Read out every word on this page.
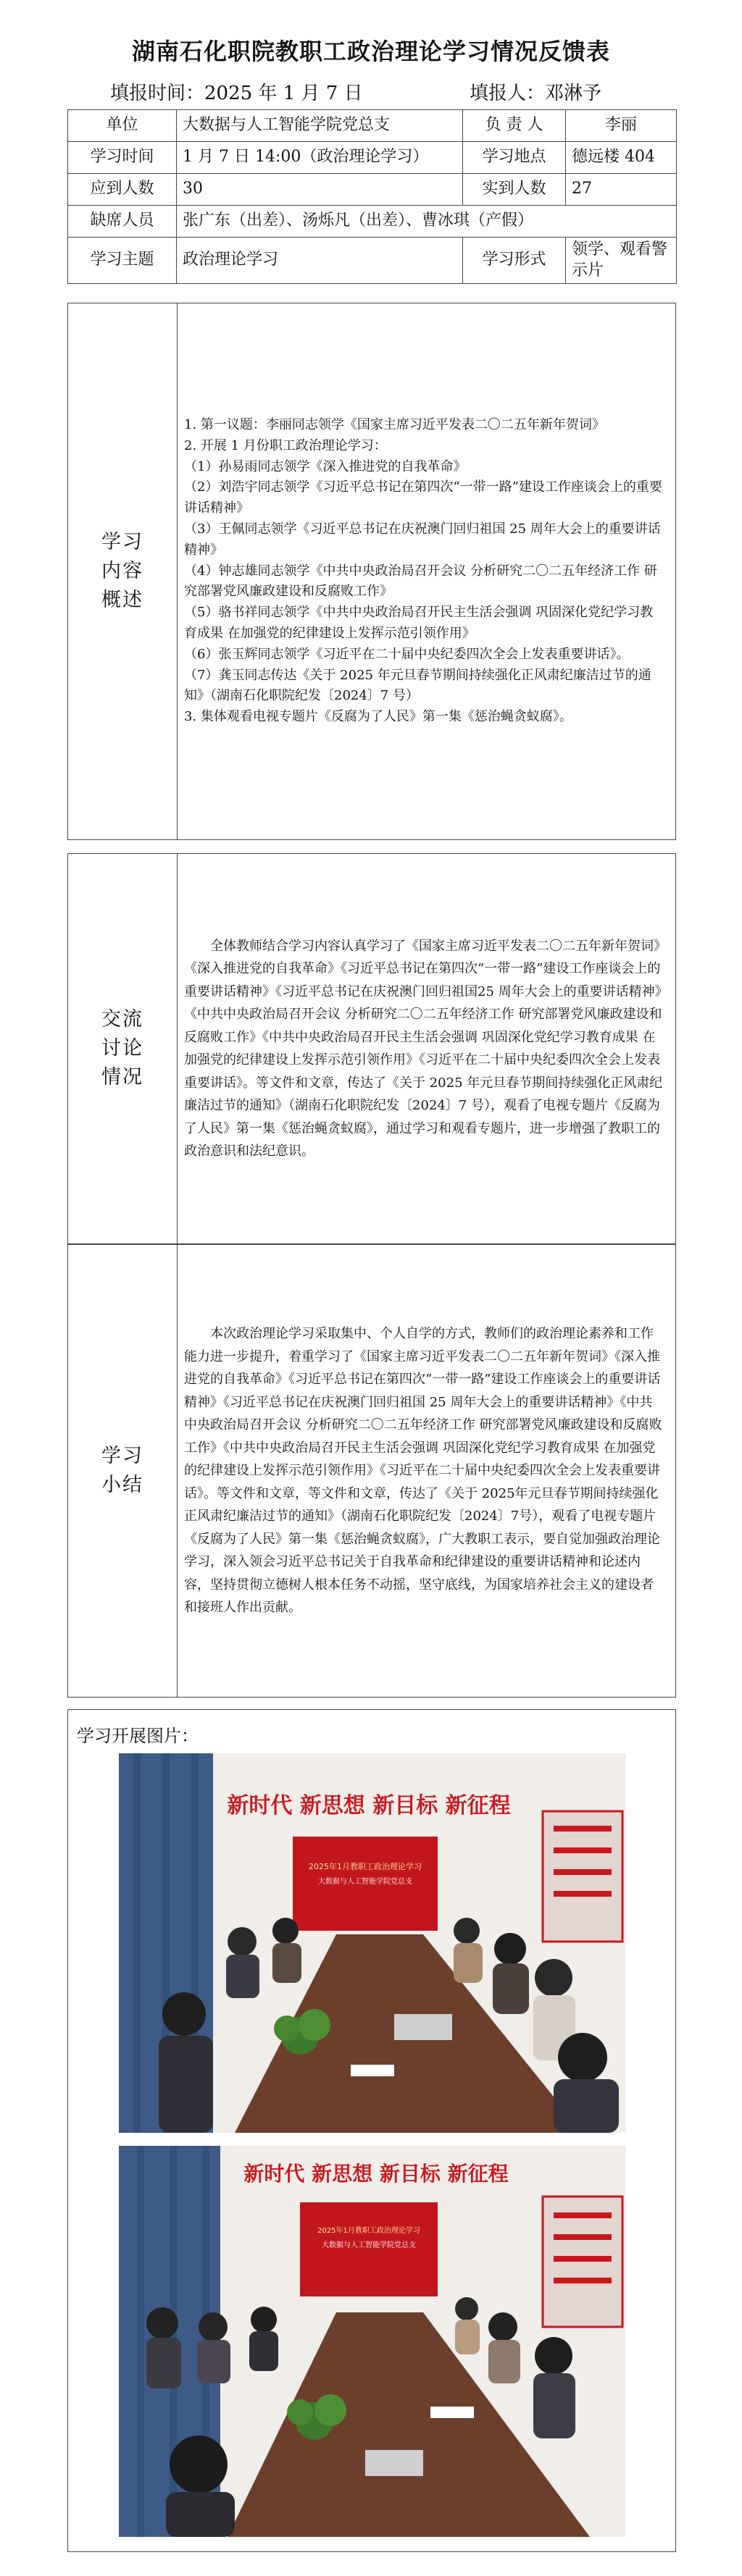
湖南石化职院教职工政治理论学习情况反馈表
填报时间：2025 年 1 月 7 日	填报人：邓淋予
单位	大数据与人工智能学院党总支	负 责 人	李丽
学习时间	1 月 7 日 14:00（政治理论学习）	学习地点	德远楼 404
应到人数	30	实到人数	27
缺席人员	张广东（出差）、汤烁凡（出差）、曹冰琪（产假）		
学习主题	政治理论学习	学习形式	领学、观看警示片
学习内容概述

1. 第一议题：李丽同志领学《国家主席习近平发表二〇二五年新年贺词》

2. 开展 1 月份职工政治理论学习：

（1）孙易雨同志领学《深入推进党的自我革命》

（2）刘浩宇同志领学《习近平总书记在第四次“一带一路”建设工作座谈会上的重要讲话精神》

（3）王佩同志领学《习近平总书记在庆祝澳门回归祖国 25 周年大会上的重要讲话精神》

（4）钟志雄同志领学《中共中央政治局召开会议 分析研究二〇二五年经济工作 研究部署党风廉政建设和反腐败工作》

（5）骆书祥同志领学《中共中央政治局召开民主生活会强调 巩固深化党纪学习教育成果 在加强党的纪律建设上发挥示范引领作用》

（6）张玉辉同志领学《习近平在二十届中央纪委四次全会上发表重要讲话》。

（7）龚玉同志传达《关于 2025 年元旦春节期间持续强化正风肃纪廉洁过节的通知》（湖南石化职院纪发〔2024〕7 号）

3. 集体观看电视专题片《反腐为了人民》第一集《惩治蝇贪蚁腐》。

交流讨论情况

全体教师结合学习内容认真学习了《国家主席习近平发表二〇二五年新年贺词》《深入推进党的自我革命》《习近平总书记在第四次“一带一路”建设工作座谈会上的重要讲话精神》《习近平总书记在庆祝澳门回归祖国25 周年大会上的重要讲话精神》《中共中央政治局召开会议 分析研究二〇二五年经济工作 研究部署党风廉政建设和反腐败工作》《中共中央政治局召开民主生活会强调 巩固深化党纪学习教育成果 在加强党的纪律建设上发挥示范引领作用》《习近平在二十届中央纪委四次全会上发表重要讲话》。等文件和文章，传达了《关于 2025 年元旦春节期间持续强化正风肃纪廉洁过节的通知》（湖南石化职院纪发〔2024〕7 号），观看了电视专题片《反腐为了人民》第一集《惩治蝇贪蚁腐》，通过学习和观看专题片，进一步增强了教职工的政治意识和法纪意识。

学习小结

本次政治理论学习采取集中、个人自学的方式，教师们的政治理论素养和工作能力进一步提升，着重学习了《国家主席习近平发表二〇二五年新年贺词》《深入推进党的自我革命》《习近平总书记在第四次“一带一路”建设工作座谈会上的重要讲话精神》《习近平总书记在庆祝澳门回归祖国 25 周年大会上的重要讲话精神》《中共中央政治局召开会议 分析研究二〇二五年经济工作 研究部署党风廉政建设和反腐败工作》《中共中央政治局召开民主生活会强调 巩固深化党纪学习教育成果 在加强党的纪律建设上发挥示范引领作用》《习近平在二十届中央纪委四次全会上发表重要讲话》。等文件和文章，等文件和文章，传达了《关于 2025年元旦春节期间持续强化正风肃纪廉洁过节的通知》（湖南石化职院纪发〔2024〕7号），观看了电视专题片《反腐为了人民》第一集《惩治蝇贪蚁腐》，广大教职工表示，要自觉加强政治理论学习，深入领会习近平总书记关于自我革命和纪律建设的重要讲话精神和论述内容，坚持贯彻立德树人根本任务不动摇，坚守底线，为国家培养社会主义的建设者和接班人作出贡献。

学习开展图片：
新时代 新思想 新目标 新征程
2025年1月教职工政治理论学习
大数据与人工智能学院党总支
新时代 新思想 新目标 新征程
2025年1月教职工政治理论学习
大数据与人工智能学院党总支
